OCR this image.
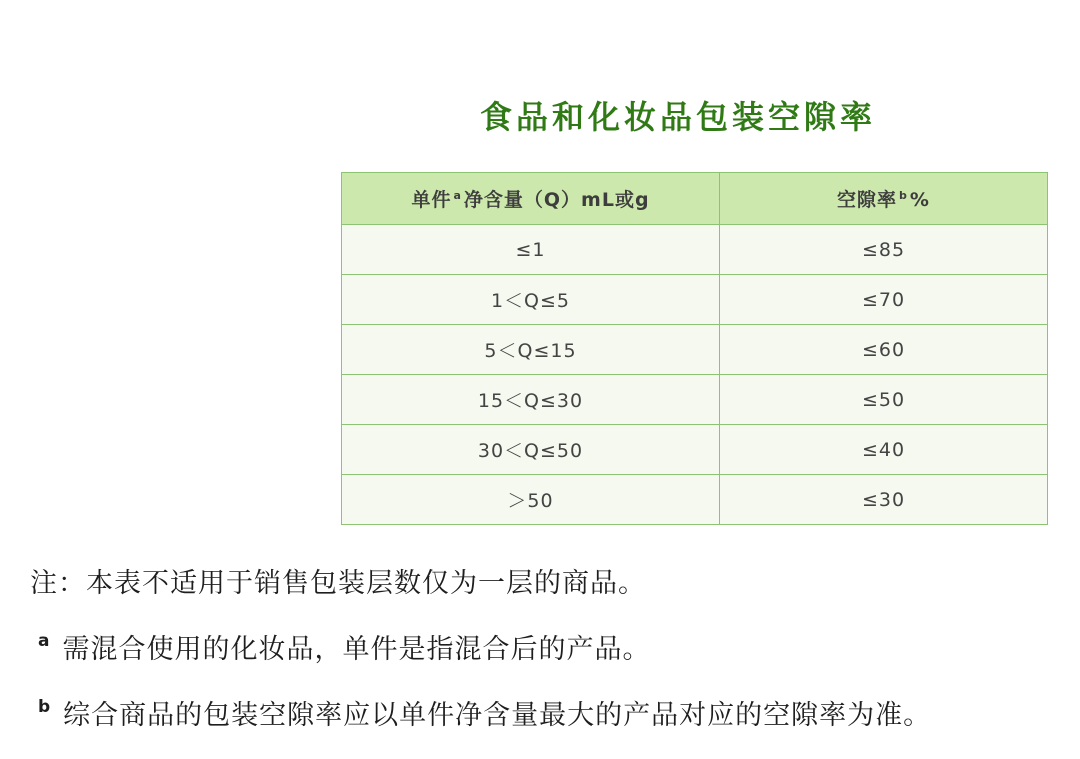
食品和化妆品包装空隙率
单件 $^a$ 净含量（Q）mL或g	空隙率 $^b$ %
≤1	≤85
1＜Q≤5	≤70
5＜Q≤15	≤60
15＜Q≤30	≤50
30＜Q≤50	≤40
＞50	≤30
注：本表不适用于销售包装层数仅为一层的商品。
a 需混合使用的化妆品，单件是指混合后的产品。
b 综合商品的包装空隙率应以单件净含量最大的产品对应的空隙率为准。
